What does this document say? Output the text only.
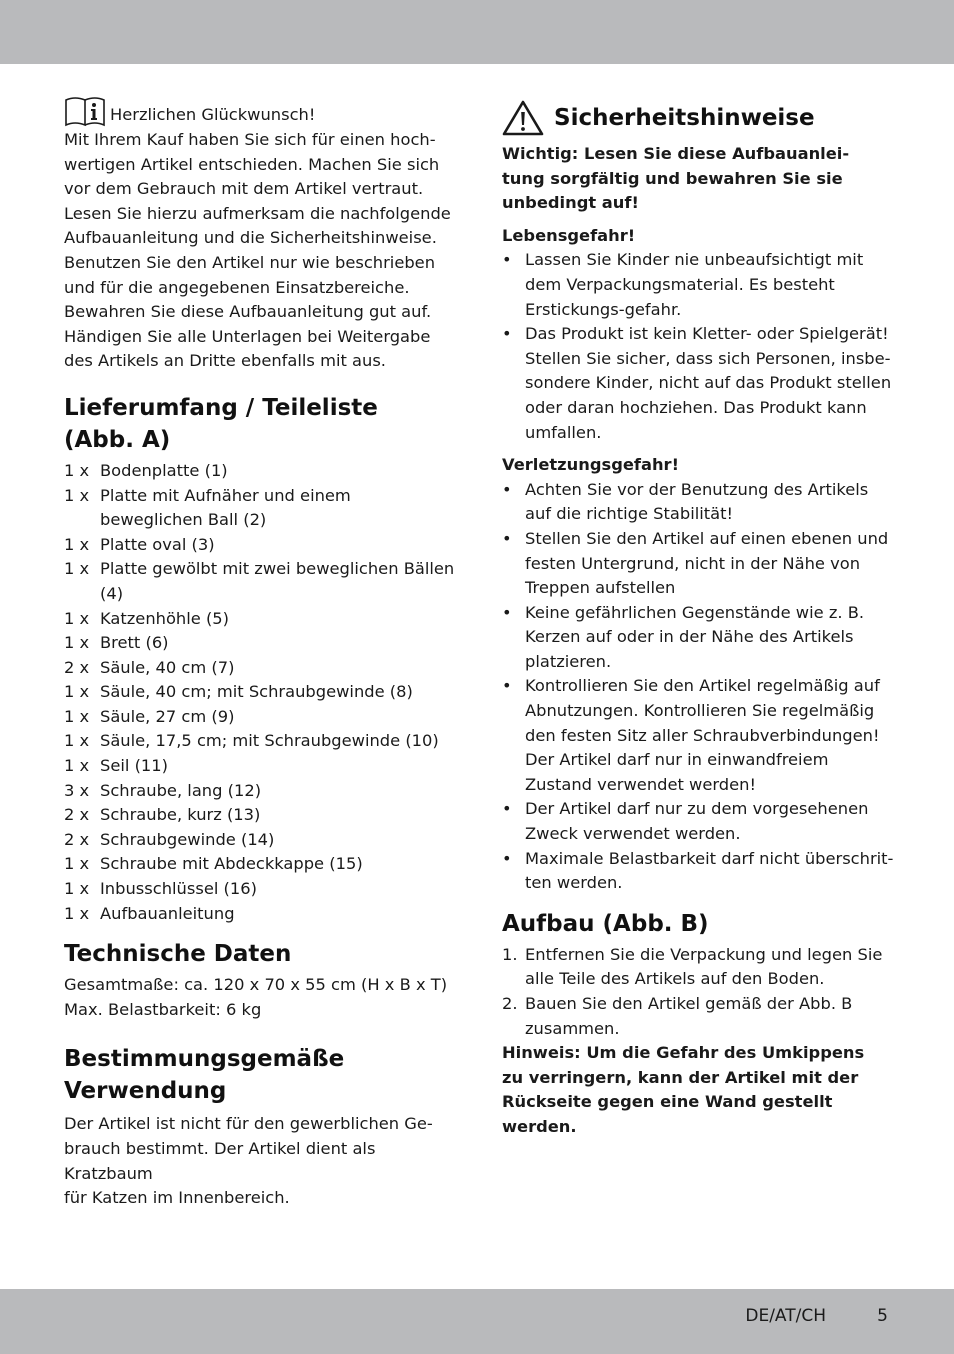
Herzlichen Glückwunsch!
Mit Ihrem Kauf haben Sie sich für einen hoch-
wertigen Artikel entschieden. Machen Sie sich
vor dem Gebrauch mit dem Artikel vertraut.
Lesen Sie hierzu aufmerksam die nachfolgende
Aufbauanleitung und die Sicherheitshinweise.
Benutzen Sie den Artikel nur wie beschrieben
und für die angegebenen Einsatzbereiche.
Bewahren Sie diese Aufbauanleitung gut auf.
Händigen Sie alle Unterlagen bei Weitergabe
des Artikels an Dritte ebenfalls mit aus.
Lieferumfang / Teileliste
(Abb. A)
1 x Bodenplatte (1)
1 x Platte mit Aufnäher und einem beweglichen Ball (2)
1 x Platte oval (3)
1 x Platte gewölbt mit zwei beweglichen Bällen (4)
1 x Katzenhöhle (5)
1 x Brett (6)
2 x Säule, 40 cm (7)
1 x Säule, 40 cm; mit Schraubgewinde (8)
1 x Säule, 27 cm (9)
1 x Säule, 17,5 cm; mit Schraubgewinde (10)
1 x Seil (11)
3 x Schraube, lang (12)
2 x Schraube, kurz (13)
2 x Schraubgewinde (14)
1 x Schraube mit Abdeckkappe (15)
1 x Inbusschlüssel (16)
1 x Aufbauanleitung
Technische Daten
Gesamtmaße: ca. 120 x 70 x 55 cm (H x B x T)
Max. Belastbarkeit: 6 kg
Bestimmungsgemäße
Verwendung
Der Artikel ist nicht für den gewerblichen Ge-
brauch bestimmt. Der Artikel dient als Kratzbaum
für Katzen im Innenbereich.
Sicherheitshinweise
Wichtig: Lesen Sie diese Aufbauanlei-
tung sorgfältig und bewahren Sie sie
unbedingt auf!
Lebensgefahr!
• Lassen Sie Kinder nie unbeaufsichtigt mit dem Verpackungsmaterial. Es besteht Erstickungs-gefahr.
• Das Produkt ist kein Kletter- oder Spielgerät! Stellen Sie sicher, dass sich Personen, insbe-sondere Kinder, nicht auf das Produkt stellen oder daran hochziehen. Das Produkt kann umfallen.
Verletzungsgefahr!
• Achten Sie vor der Benutzung des Artikels auf die richtige Stabilität!
• Stellen Sie den Artikel auf einen ebenen und festen Untergrund, nicht in der Nähe von Treppen aufstellen
• Keine gefährlichen Gegenstände wie z. B. Kerzen auf oder in der Nähe des Artikels platzieren.
• Kontrollieren Sie den Artikel regelmäßig auf Abnutzungen. Kontrollieren Sie regelmäßig den festen Sitz aller Schraubverbindungen! Der Artikel darf nur in einwandfreiem Zustand verwendet werden!
• Der Artikel darf nur zu dem vorgesehenen Zweck verwendet werden.
• Maximale Belastbarkeit darf nicht überschrit-ten werden.
Aufbau (Abb. B)
1. Entfernen Sie die Verpackung und legen Sie alle Teile des Artikels auf den Boden.
2. Bauen Sie den Artikel gemäß der Abb. B zusammen.
Hinweis: Um die Gefahr des Umkippens
zu verringern, kann der Artikel mit der
Rückseite gegen eine Wand gestellt
werden.
DE/AT/CH	5
